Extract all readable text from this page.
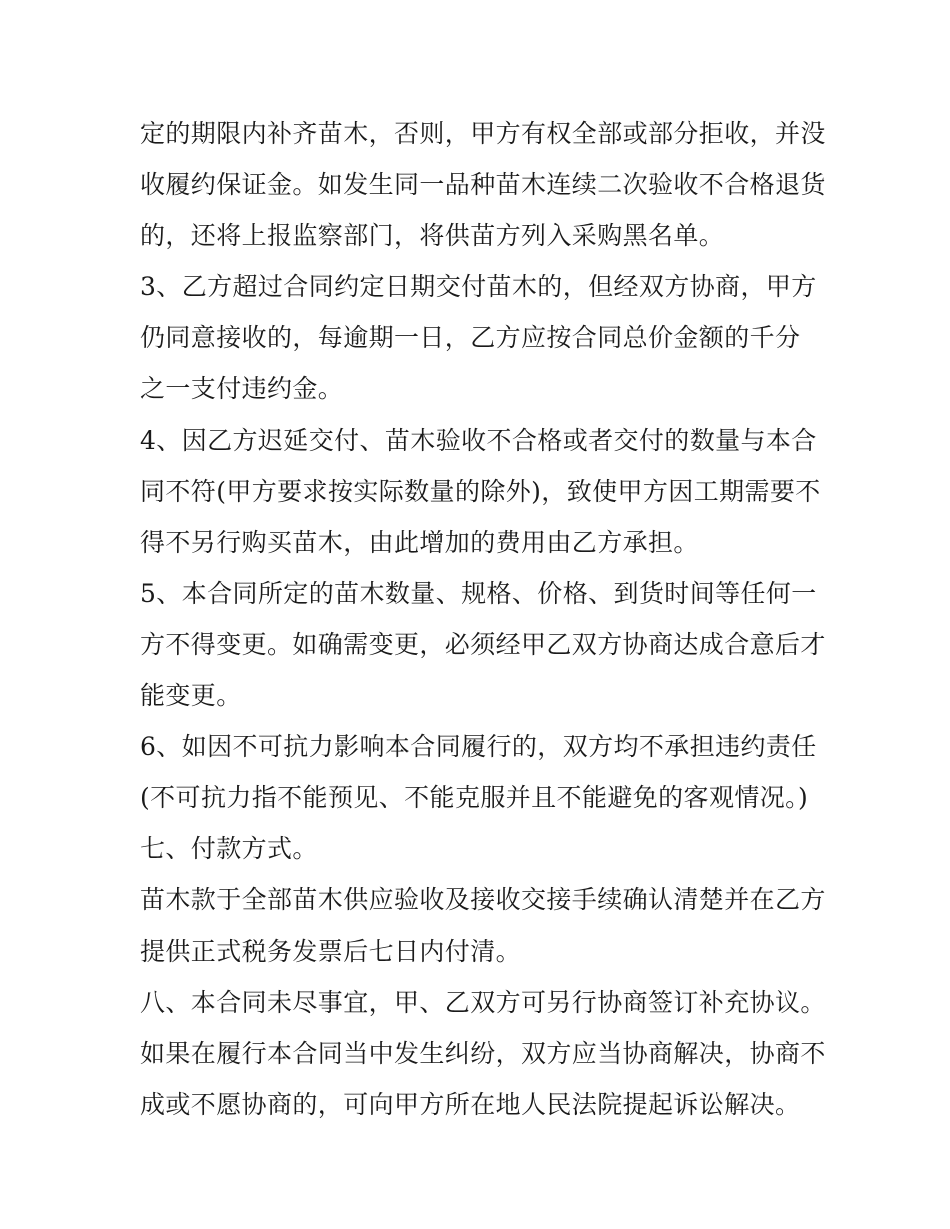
定的期限内补齐苗木，否则，甲方有权全部或部分拒收，并没
收履约保证金。如发生同一品种苗木连续二次验收不合格退货
的，还将上报监察部门，将供苗方列入采购黑名单。
3、乙方超过合同约定日期交付苗木的，但经双方协商，甲方
仍同意接收的，每逾期一日，乙方应按合同总价金额的千分
之一支付违约金。
4、因乙方迟延交付、苗木验收不合格或者交付的数量与本合
同不符(甲方要求按实际数量的除外)，致使甲方因工期需要不
得不另行购买苗木，由此增加的费用由乙方承担。
5、本合同所定的苗木数量、规格、价格、到货时间等任何一
方不得变更。如确需变更，必须经甲乙双方协商达成合意后才
能变更。
6、如因不可抗力影响本合同履行的，双方均不承担违约责任
(不可抗力指不能预见、不能克服并且不能避免的客观情况。)
七、付款方式。
苗木款于全部苗木供应验收及接收交接手续确认清楚并在乙方
提供正式税务发票后七日内付清。
八、本合同未尽事宜，甲、乙双方可另行协商签订补充协议。
如果在履行本合同当中发生纠纷，双方应当协商解决，协商不
成或不愿协商的，可向甲方所在地人民法院提起诉讼解决。
